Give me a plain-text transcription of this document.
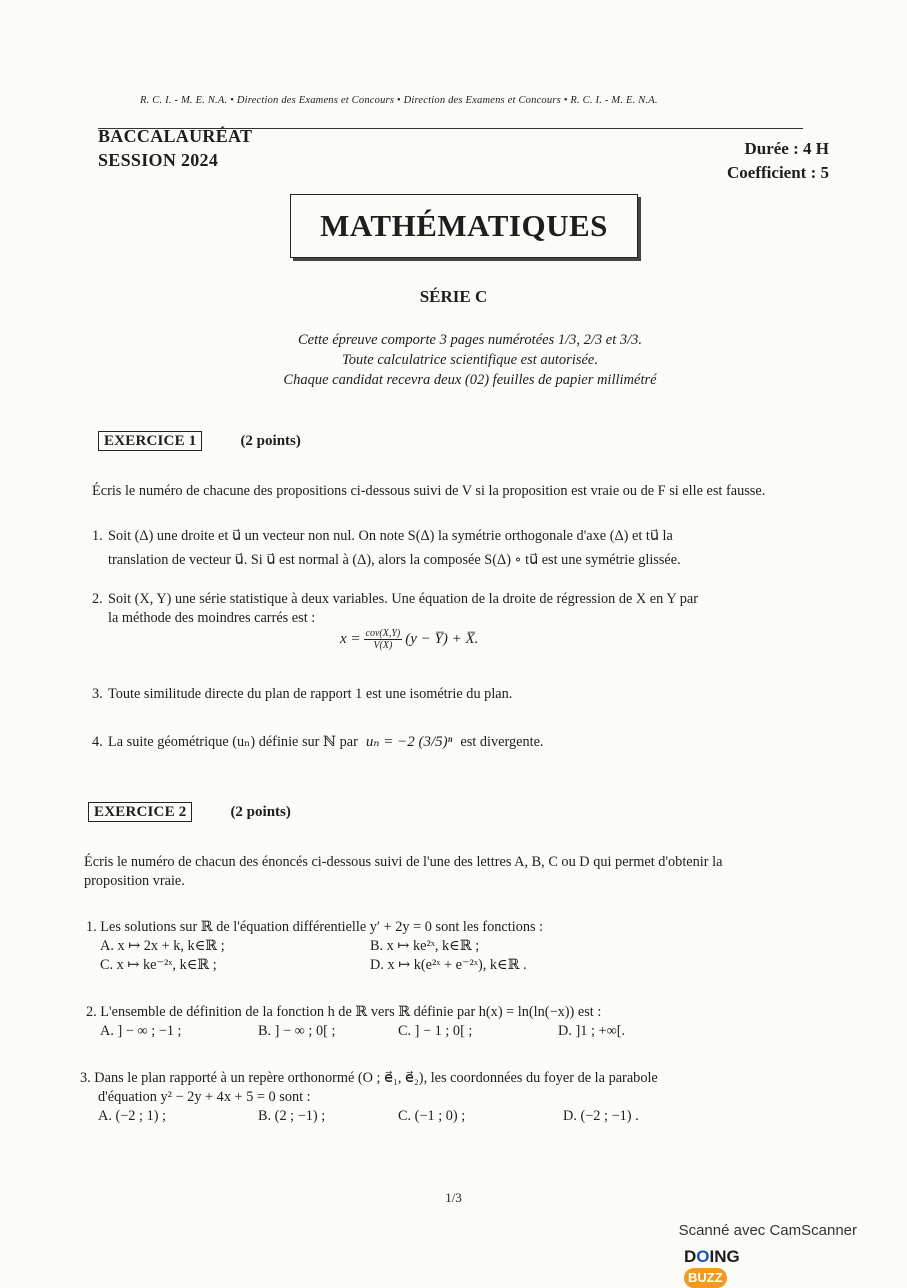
R. C. I. - M. E. N.A. • Direction des Examens et Concours • Direction des Examens et Concours • R. C. I. - M. E. N.A.
BACCALAURÉAT
SESSION 2024
Durée : 4 H
Coefficient : 5
MATHÉMATIQUES
SÉRIE C
Cette épreuve comporte 3 pages numérotées 1/3, 2/3 et 3/3.
Toute calculatrice scientifique est autorisée.
Chaque candidat recevra deux (02) feuilles de papier millimétré
EXERCICE 1	(2 points)
Écris le numéro de chacune des propositions ci-dessous suivi de V si la proposition est vraie ou de F si elle est fausse.
1. Soit (Δ) une droite et u⃗ un vecteur non nul. On note S(Δ) la symétrie orthogonale d'axe (Δ) et tu⃗ la
translation de vecteur u⃗. Si u⃗ est normal à (Δ), alors la composée S(Δ) ∘ tu⃗ est une symétrie glissée.
2. Soit (X, Y) une série statistique à deux variables. Une équation de la droite de régression de X en Y par
la méthode des moindres carrés est :
x = cov(X,Y)
V(X) (y − Y̅) + X̅.
3. Toute similitude directe du plan de rapport 1 est une isométrie du plan.
4. La suite géométrique (uₙ) définie sur ℕ par uₙ = −2 (3/5)ⁿ est divergente.
EXERCICE 2	(2 points)
Écris le numéro de chacun des énoncés ci-dessous suivi de l'une des lettres A, B, C ou D qui permet d'obtenir la proposition vraie.
1. Les solutions sur ℝ de l'équation différentielle y′ + 2y = 0 sont les fonctions :
A. x ↦ 2x + k, k∈ℝ ;	B. x ↦ ke²ˣ, k∈ℝ ;
C. x ↦ ke⁻²ˣ, k∈ℝ ;	D. x ↦ k(e²ˣ + e⁻²ˣ), k∈ℝ .
2. L'ensemble de définition de la fonction h de ℝ vers ℝ définie par h(x) = ln(ln(−x)) est :
A. ] − ∞ ; −1 ;	B. ] − ∞ ; 0[ ;	C. ] − 1 ; 0[ ;	D. ]1 ; +∞[.
3. Dans le plan rapporté à un repère orthonormé (O ; e⃗₁, e⃗₂), les coordonnées du foyer de la parabole
d'équation y² − 2y + 4x + 5 = 0 sont :
A. (−2 ; 1) ;	B. (2 ; −1) ;	C. (−1 ; 0) ;	D. (−2 ; −1) .
1/3
Scanné avec CamScanner
DOINGBUZZ
